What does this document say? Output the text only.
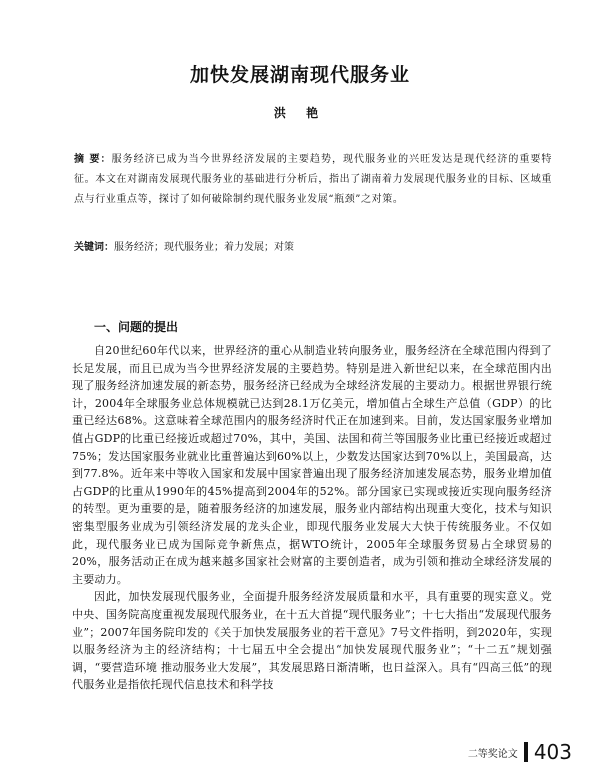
加快发展湖南现代服务业
洪 艳
摘 要：服务经济已成为当今世界经济发展的主要趋势，现代服务业的兴旺发达是现代经济的重要特征。本文在对湖南发展现代服务业的基础进行分析后，指出了湖南着力发展现代服务业的目标、区域重点与行业重点等，探讨了如何破除制约现代服务业发展“瓶颈”之对策。
关键词：服务经济；现代服务业；着力发展；对策
一、问题的提出

自20世纪60年代以来，世界经济的重心从制造业转向服务业，服务经济在全球范围内得到了长足发展，而且已成为当今世界经济发展的主要趋势。特别是进入新世纪以来，在全球范围内出现了服务经济加速发展的新态势，服务经济已经成为全球经济发展的主要动力。根据世界银行统计，2004年全球服务业总体规模就已达到28.1万亿美元，增加值占全球生产总值（GDP）的比重已经达68%。这意味着全球范围内的服务经济时代正在加速到来。目前，发达国家服务业增加值占GDP的比重已经接近或超过70%，其中，美国、法国和荷兰等国服务业比重已经接近或超过75%；发达国家服务业就业比重普遍达到60%以上，少数发达国家达到70%以上，美国最高，达到77.8%。近年来中等收入国家和发展中国家普遍出现了服务经济加速发展态势，服务业增加值占GDP的比重从1990年的45%提高到2004年的52%。部分国家已实现或接近实现向服务经济的转型。更为重要的是，随着服务经济的加速发展，服务业内部结构出现重大变化，技术与知识密集型服务业成为引领经济发展的龙头企业，即现代服务业发展大大快于传统服务业。不仅如此，现代服务业已成为国际竞争新焦点，据WTO统计，2005年全球服务贸易占全球贸易的20%，服务活动正在成为越来越多国家社会财富的主要创造者，成为引领和推动全球经济发展的主要动力。

因此，加快发展现代服务业，全面提升服务经济发展质量和水平，具有重要的现实意义。党中央、国务院高度重视发展现代服务业，在十五大首提“现代服务业”；十七大指出“发展现代服务业”；2007年国务院印发的《关于加快发展服务业的若干意见》7号文件指明，到2020年，实现以服务经济为主的经济结构；十七届五中全会提出“加快发展现代服务业”；“十二五”规划强调，“要营造环境 推动服务业大发展”，其发展思路日渐清晰，也日益深入。具有“四高三低”的现代服务业是指依托现代信息技术和科学技

二等奖论文 403
